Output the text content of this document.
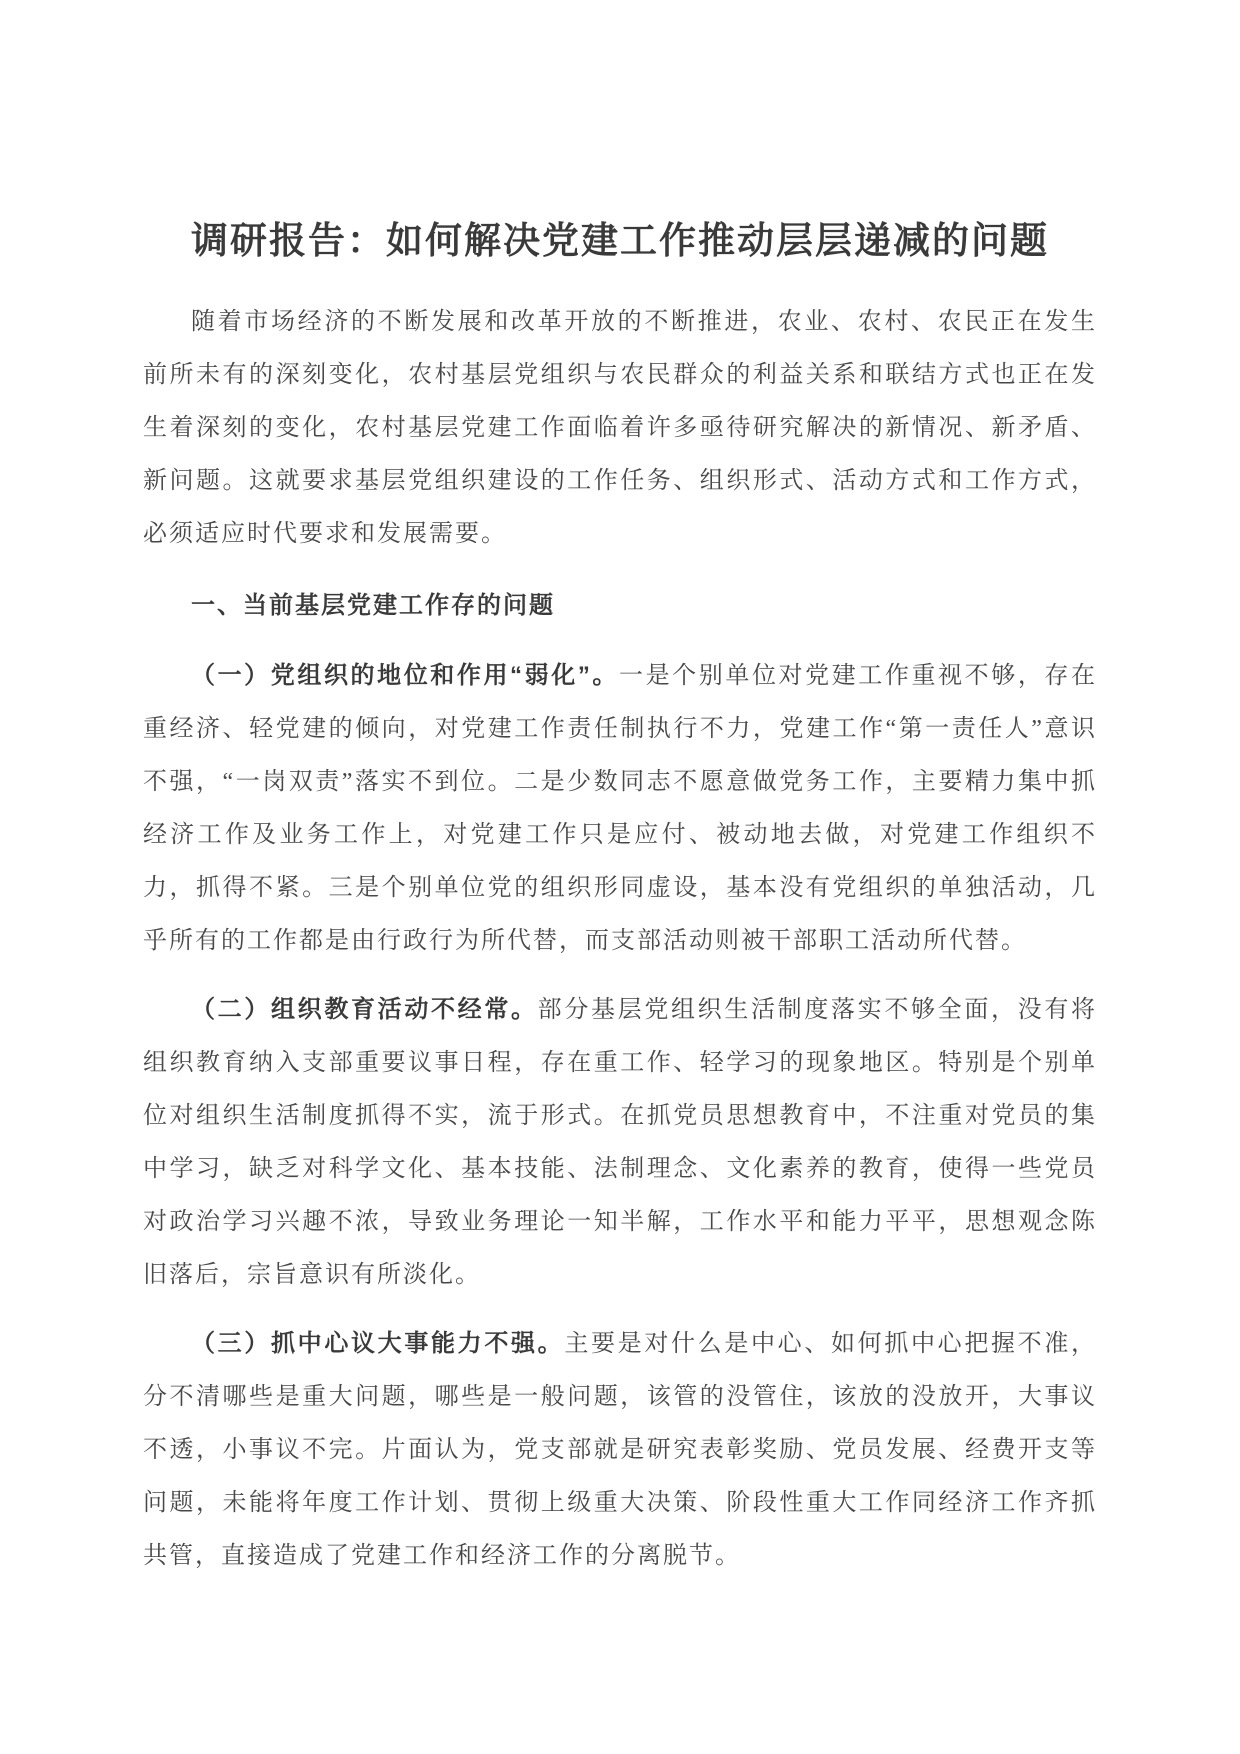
调研报告：如何解决党建工作推动层层递减的问题

随着市场经济的不断发展和改革开放的不断推进，农业、农村、农民正在发生前所未有的深刻变化，农村基层党组织与农民群众的利益关系和联结方式也正在发生着深刻的变化，农村基层党建工作面临着许多亟待研究解决的新情况、新矛盾、新问题。这就要求基层党组织建设的工作任务、组织形式、活动方式和工作方式，必须适应时代要求和发展需要。

一、当前基层党建工作存的问题

（一）党组织的地位和作用“弱化”。一是个别单位对党建工作重视不够，存在重经济、轻党建的倾向，对党建工作责任制执行不力，党建工作“第一责任人”意识不强，“一岗双责”落实不到位。二是少数同志不愿意做党务工作，主要精力集中抓经济工作及业务工作上，对党建工作只是应付、被动地去做，对党建工作组织不力，抓得不紧。三是个别单位党的组织形同虚设，基本没有党组织的单独活动，几乎所有的工作都是由行政行为所代替，而支部活动则被干部职工活动所代替。

（二）组织教育活动不经常。部分基层党组织生活制度落实不够全面，没有将组织教育纳入支部重要议事日程，存在重工作、轻学习的现象地区。特别是个别单位对组织生活制度抓得不实，流于形式。在抓党员思想教育中，不注重对党员的集中学习，缺乏对科学文化、基本技能、法制理念、文化素养的教育，使得一些党员对政治学习兴趣不浓，导致业务理论一知半解，工作水平和能力平平，思想观念陈旧落后，宗旨意识有所淡化。

（三）抓中心议大事能力不强。主要是对什么是中心、如何抓中心把握不准，分不清哪些是重大问题，哪些是一般问题，该管的没管住，该放的没放开，大事议不透，小事议不完。片面认为，党支部就是研究表彰奖励、党员发展、经费开支等问题，未能将年度工作计划、贯彻上级重大决策、阶段性重大工作同经济工作齐抓共管，直接造成了党建工作和经济工作的分离脱节。
